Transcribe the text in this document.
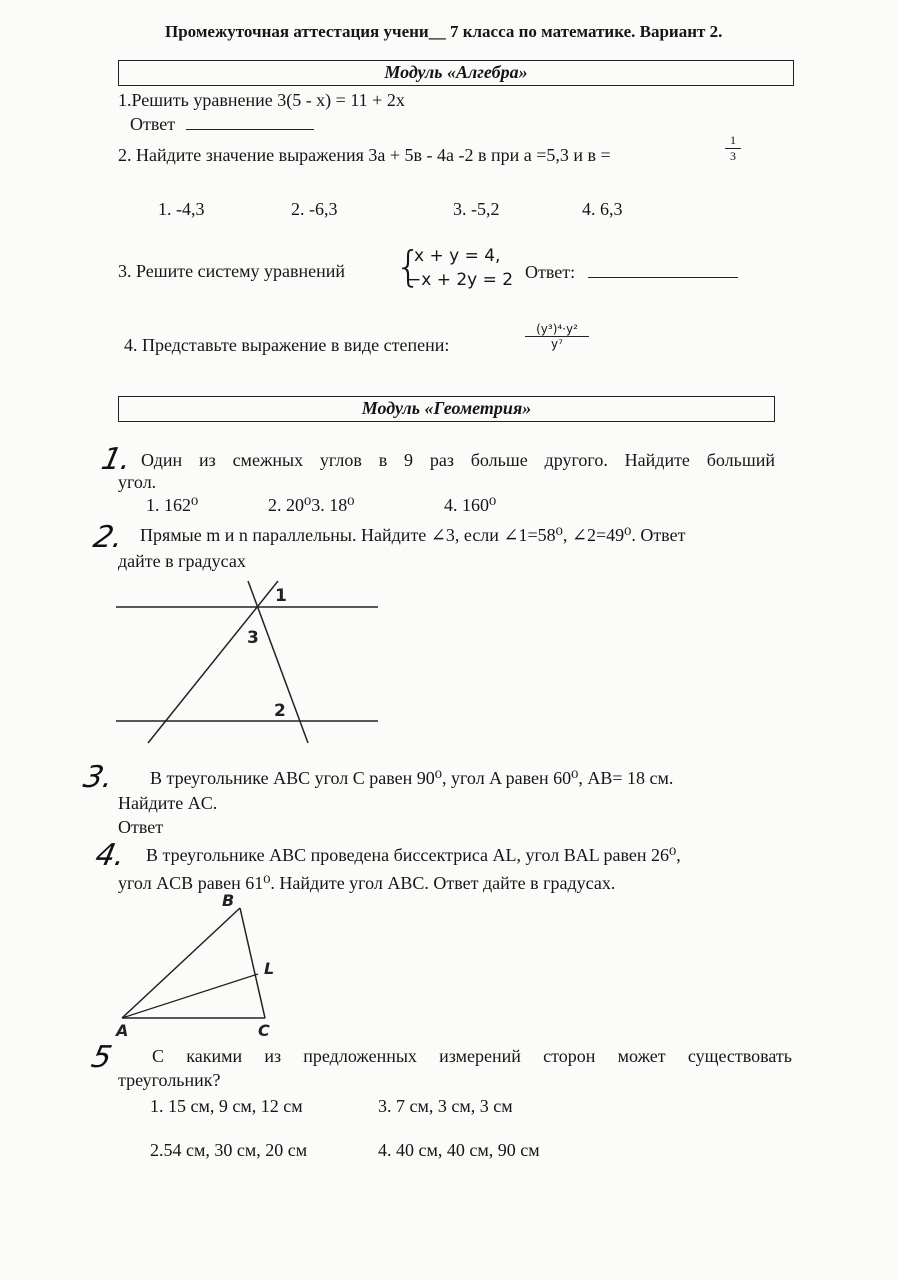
Промежуточная аттестация учени__ 7 класса по математике. Вариант 2.
Модуль «Алгебра»
1.Решить уравнение 3(5 - х) = 11 + 2х
Ответ
2. Найдите значение выражения 3а + 5в - 4а -2 в при а =5,3 и в =	$\frac{1}{3}$
1. -4,3	2. -6,3	3. -5,2	4. 6,3
3. Решите систему уравнений {
x + y = 4,
−x + 2y = 2 Ответ:
4. Представьте выражение в виде степени:	$\frac{\text{(y³)⁴·y²}}{\text{y⁷}}$
Модуль «Геометрия»
1. Один из смежных углов в 9 раз больше другого. Найдите больший
угол.
1. 162⁰	2. 20⁰3. 18⁰	4. 160⁰
2. Прямые m и n параллельны. Найдите ∠3, если ∠1=58⁰, ∠2=49⁰. Ответ
дайте в градусах
1
3
2
3. В треугольнике ABC угол C равен 90⁰, угол A равен 60⁰, AB= 18 см.
Найдите AC.
Ответ
4. В треугольнике ABC проведена биссектриса AL, угол BAL равен 26⁰,
угол ACB равен 61⁰. Найдите угол ABC. Ответ дайте в градусах.
B
L
A	C
5 С какими из предложенных измерений сторон может существовать
треугольник?
1. 15 см, 9 см, 12 см	3. 7 см, 3 см, 3 см
2.54 см, 30 см, 20 см	4. 40 см, 40 см, 90 см
